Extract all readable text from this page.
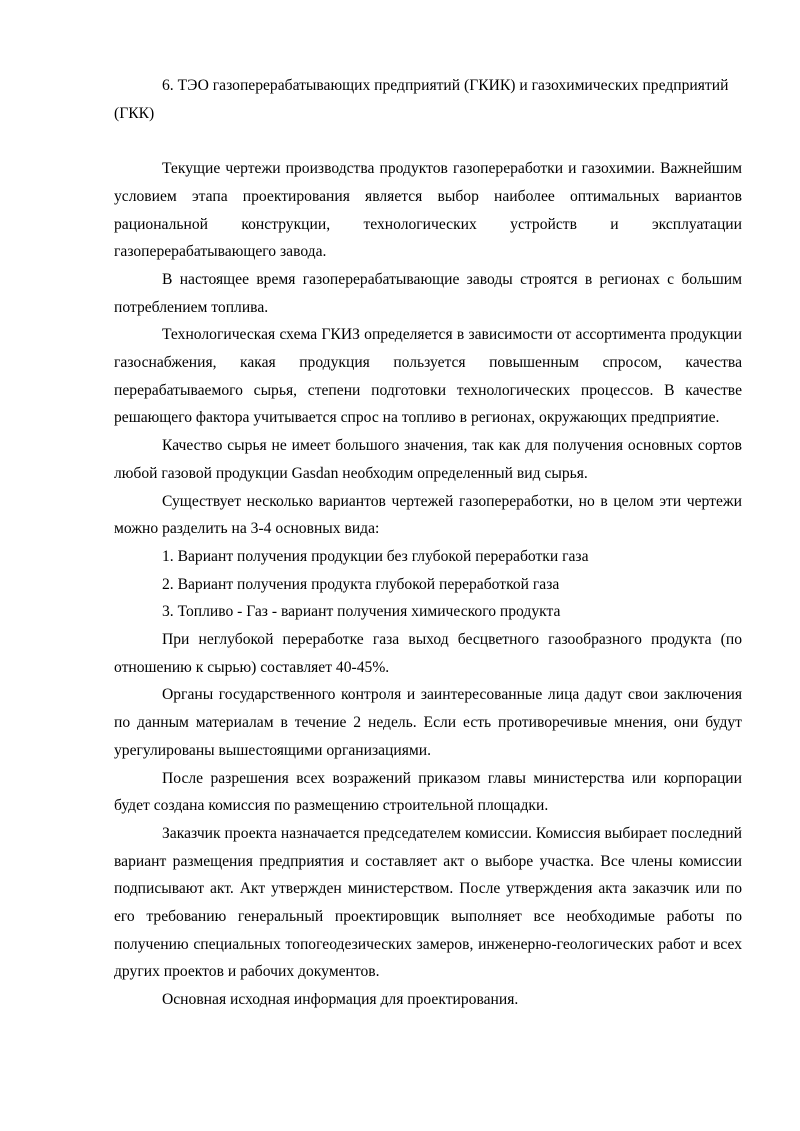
6. ТЭО газоперерабатывающих предприятий (ГКИК) и газохимических предприятий (ГКК)

Текущие чертежи производства продуктов газопереработки и газохимии. Важнейшим условием этапа проектирования является выбор наиболее оптимальных вариантов рациональной конструкции, технологических устройств и эксплуатации газоперерабатывающего завода.

В настоящее время газоперерабатывающие заводы строятся в регионах с большим потреблением топлива.

Технологическая схема ГКИЗ определяется в зависимости от ассортимента продукции газоснабжения, какая продукция пользуется повышенным спросом, качества перерабатываемого сырья, степени подготовки технологических процессов. В качестве решающего фактора учитывается спрос на топливо в регионах, окружающих предприятие.

Качество сырья не имеет большого значения, так как для получения основных сортов любой газовой продукции Gasdan необходим определенный вид сырья.

Существует несколько вариантов чертежей газопереработки, но в целом эти чертежи можно разделить на 3-4 основных вида:

1. Вариант получения продукции без глубокой переработки газа

2. Вариант получения продукта глубокой переработкой газа

3. Топливо - Газ - вариант получения химического продукта

При неглубокой переработке газа выход бесцветного газообразного продукта (по отношению к сырью) составляет 40-45%.

Органы государственного контроля и заинтересованные лица дадут свои заключения по данным материалам в течение 2 недель. Если есть противоречивые мнения, они будут урегулированы вышестоящими организациями.

После разрешения всех возражений приказом главы министерства или корпорации будет создана комиссия по размещению строительной площадки.

Заказчик проекта назначается председателем комиссии. Комиссия выбирает последний вариант размещения предприятия и составляет акт о выборе участка. Все члены комиссии подписывают акт. Акт утвержден министерством. После утверждения акта заказчик или по его требованию генеральный проектировщик выполняет все необходимые работы по получению специальных топогеодезических замеров, инженерно-геологических работ и всех других проектов и рабочих документов.

Основная исходная информация для проектирования.
